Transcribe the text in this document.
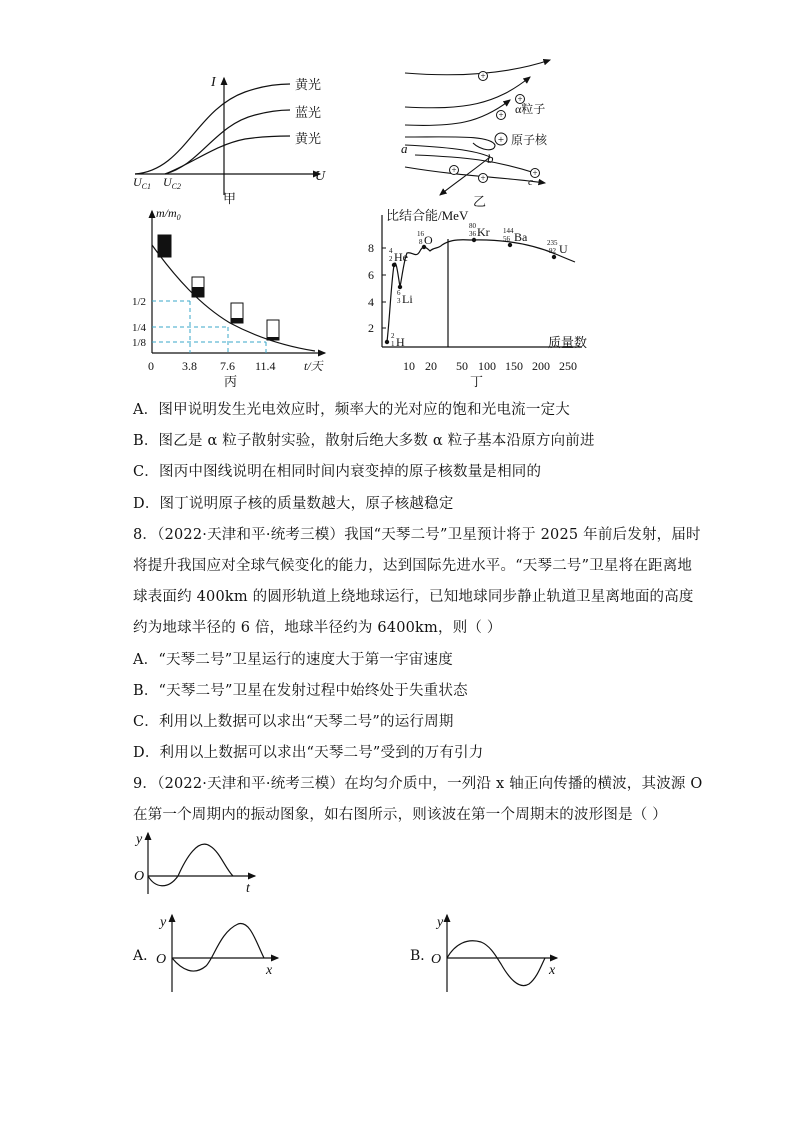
I
U
黄光
蓝光
黄光
$U_{C1}$ $U_{C2}$
甲
+
+
+
+
+	+
+
α粒子
原子核
a
b
c
乙
$m/m_0$
1/2
1/4
1/8
0 3.8 7.6 11.4 t/天
丙
比结合能/MeV
8
6
4
2
质量数
10 20 50 100 150 200 250
4
2 He
6
3 Li
2
1 H
16
8 O
80
36 Kr 144
56 Ba	235
92 U
丁
A．图甲说明发生光电效应时，频率大的光对应的饱和光电流一定大
B．图乙是 α 粒子散射实验，散射后绝大多数 α 粒子基本沿原方向前进
C．图丙中图线说明在相同时间内衰变掉的原子核数量是相同的
D．图丁说明原子核的质量数越大，原子核越稳定
8．（2022·天津和平·统考三模）我国“天琴二号”卫星预计将于 2025 年前后发射，届时
将提升我国应对全球气候变化的能力，达到国际先进水平。“天琴二号”卫星将在距离地
球表面约 400km 的圆形轨道上绕地球运行，已知地球同步静止轨道卫星离地面的高度
约为地球半径的 6 倍，地球半径约为 6400km，则（ ）
A．“天琴二号”卫星运行的速度大于第一宇宙速度
B．“天琴二号”卫星在发射过程中始终处于失重状态
C．利用以上数据可以求出“天琴二号”的运行周期
D．利用以上数据可以求出“天琴二号”受到的万有引力
9．（2022·天津和平·统考三模）在均匀介质中，一列沿 x 轴正向传播的横波，其波源 O
在第一个周期内的振动图象，如右图所示，则该波在第一个周期末的波形图是（ ）
y
O
t
A．
y
O
x
B．
y
O
x
